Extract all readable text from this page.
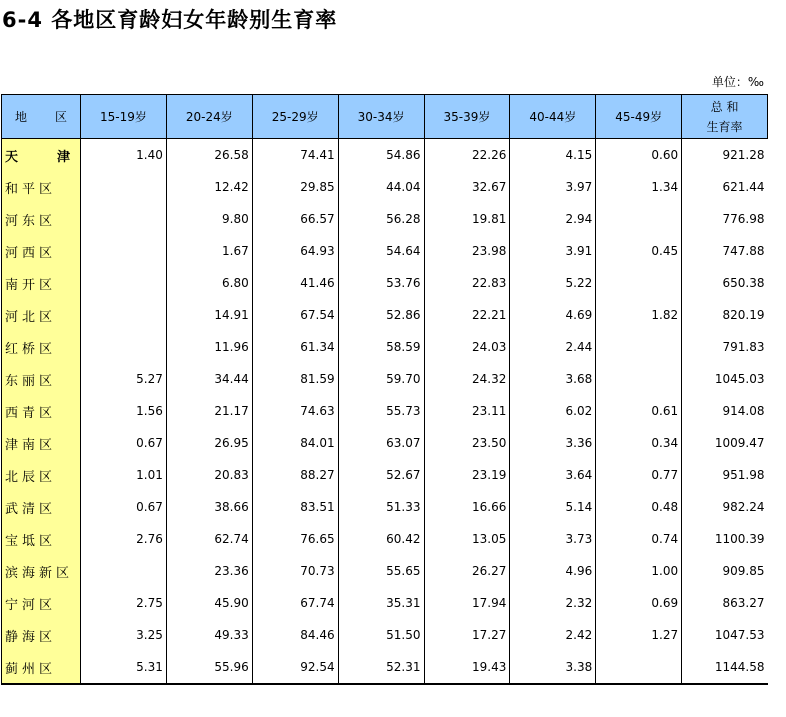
6-4 各地区育龄妇女年龄别生育率
单位：‰
地 区	15-19岁	20-24岁	25-29岁	30-34岁	35-39岁	40-44岁	45-49岁	总 和
生育率

天 津	1.40	26.58	74.41	54.86	22.26	4.15	0.60	921.28
和平区		12.42	29.85	44.04	32.67	3.97	1.34	621.44
河东区		9.80	66.57	56.28	19.81	2.94		776.98
河西区		1.67	64.93	54.64	23.98	3.91	0.45	747.88
南开区		6.80	41.46	53.76	22.83	5.22		650.38
河北区		14.91	67.54	52.86	22.21	4.69	1.82	820.19
红桥区		11.96	61.34	58.59	24.03	2.44		791.83
东丽区	5.27	34.44	81.59	59.70	24.32	3.68		1045.03
西青区	1.56	21.17	74.63	55.73	23.11	6.02	0.61	914.08
津南区	0.67	26.95	84.01	63.07	23.50	3.36	0.34	1009.47
北辰区	1.01	20.83	88.27	52.67	23.19	3.64	0.77	951.98
武清区	0.67	38.66	83.51	51.33	16.66	5.14	0.48	982.24
宝坻区	2.76	62.74	76.65	60.42	13.05	3.73	0.74	1100.39
滨海新区		23.36	70.73	55.65	26.27	4.96	1.00	909.85
宁河区	2.75	45.90	67.74	35.31	17.94	2.32	0.69	863.27
静海区	3.25	49.33	84.46	51.50	17.27	2.42	1.27	1047.53
蓟州区	5.31	55.96	92.54	52.31	19.43	3.38		1144.58
